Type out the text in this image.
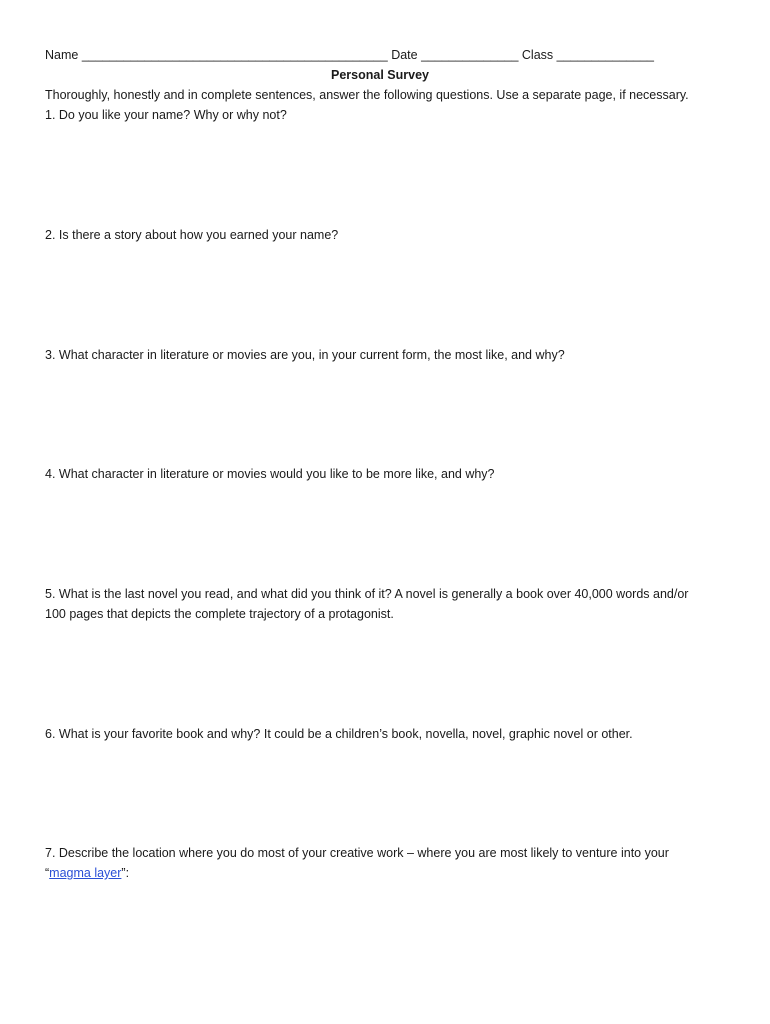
Name ____________________________________________ Date ______________ Class ______________
Personal Survey
Thoroughly, honestly and in complete sentences, answer the following questions. Use a separate page, if necessary.
1. Do you like your name? Why or why not?
2. Is there a story about how you earned your name?
3. What character in literature or movies are you, in your current form, the most like, and why?
4. What character in literature or movies would you like to be more like, and why?
5. What is the last novel you read, and what did you think of it? A novel is generally a book over 40,000 words and/or
100 pages that depicts the complete trajectory of a protagonist.
6. What is your favorite book and why? It could be a children’s book, novella, novel, graphic novel or other.
7. Describe the location where you do most of your creative work – where you are most likely to venture into your
“magma layer”:
